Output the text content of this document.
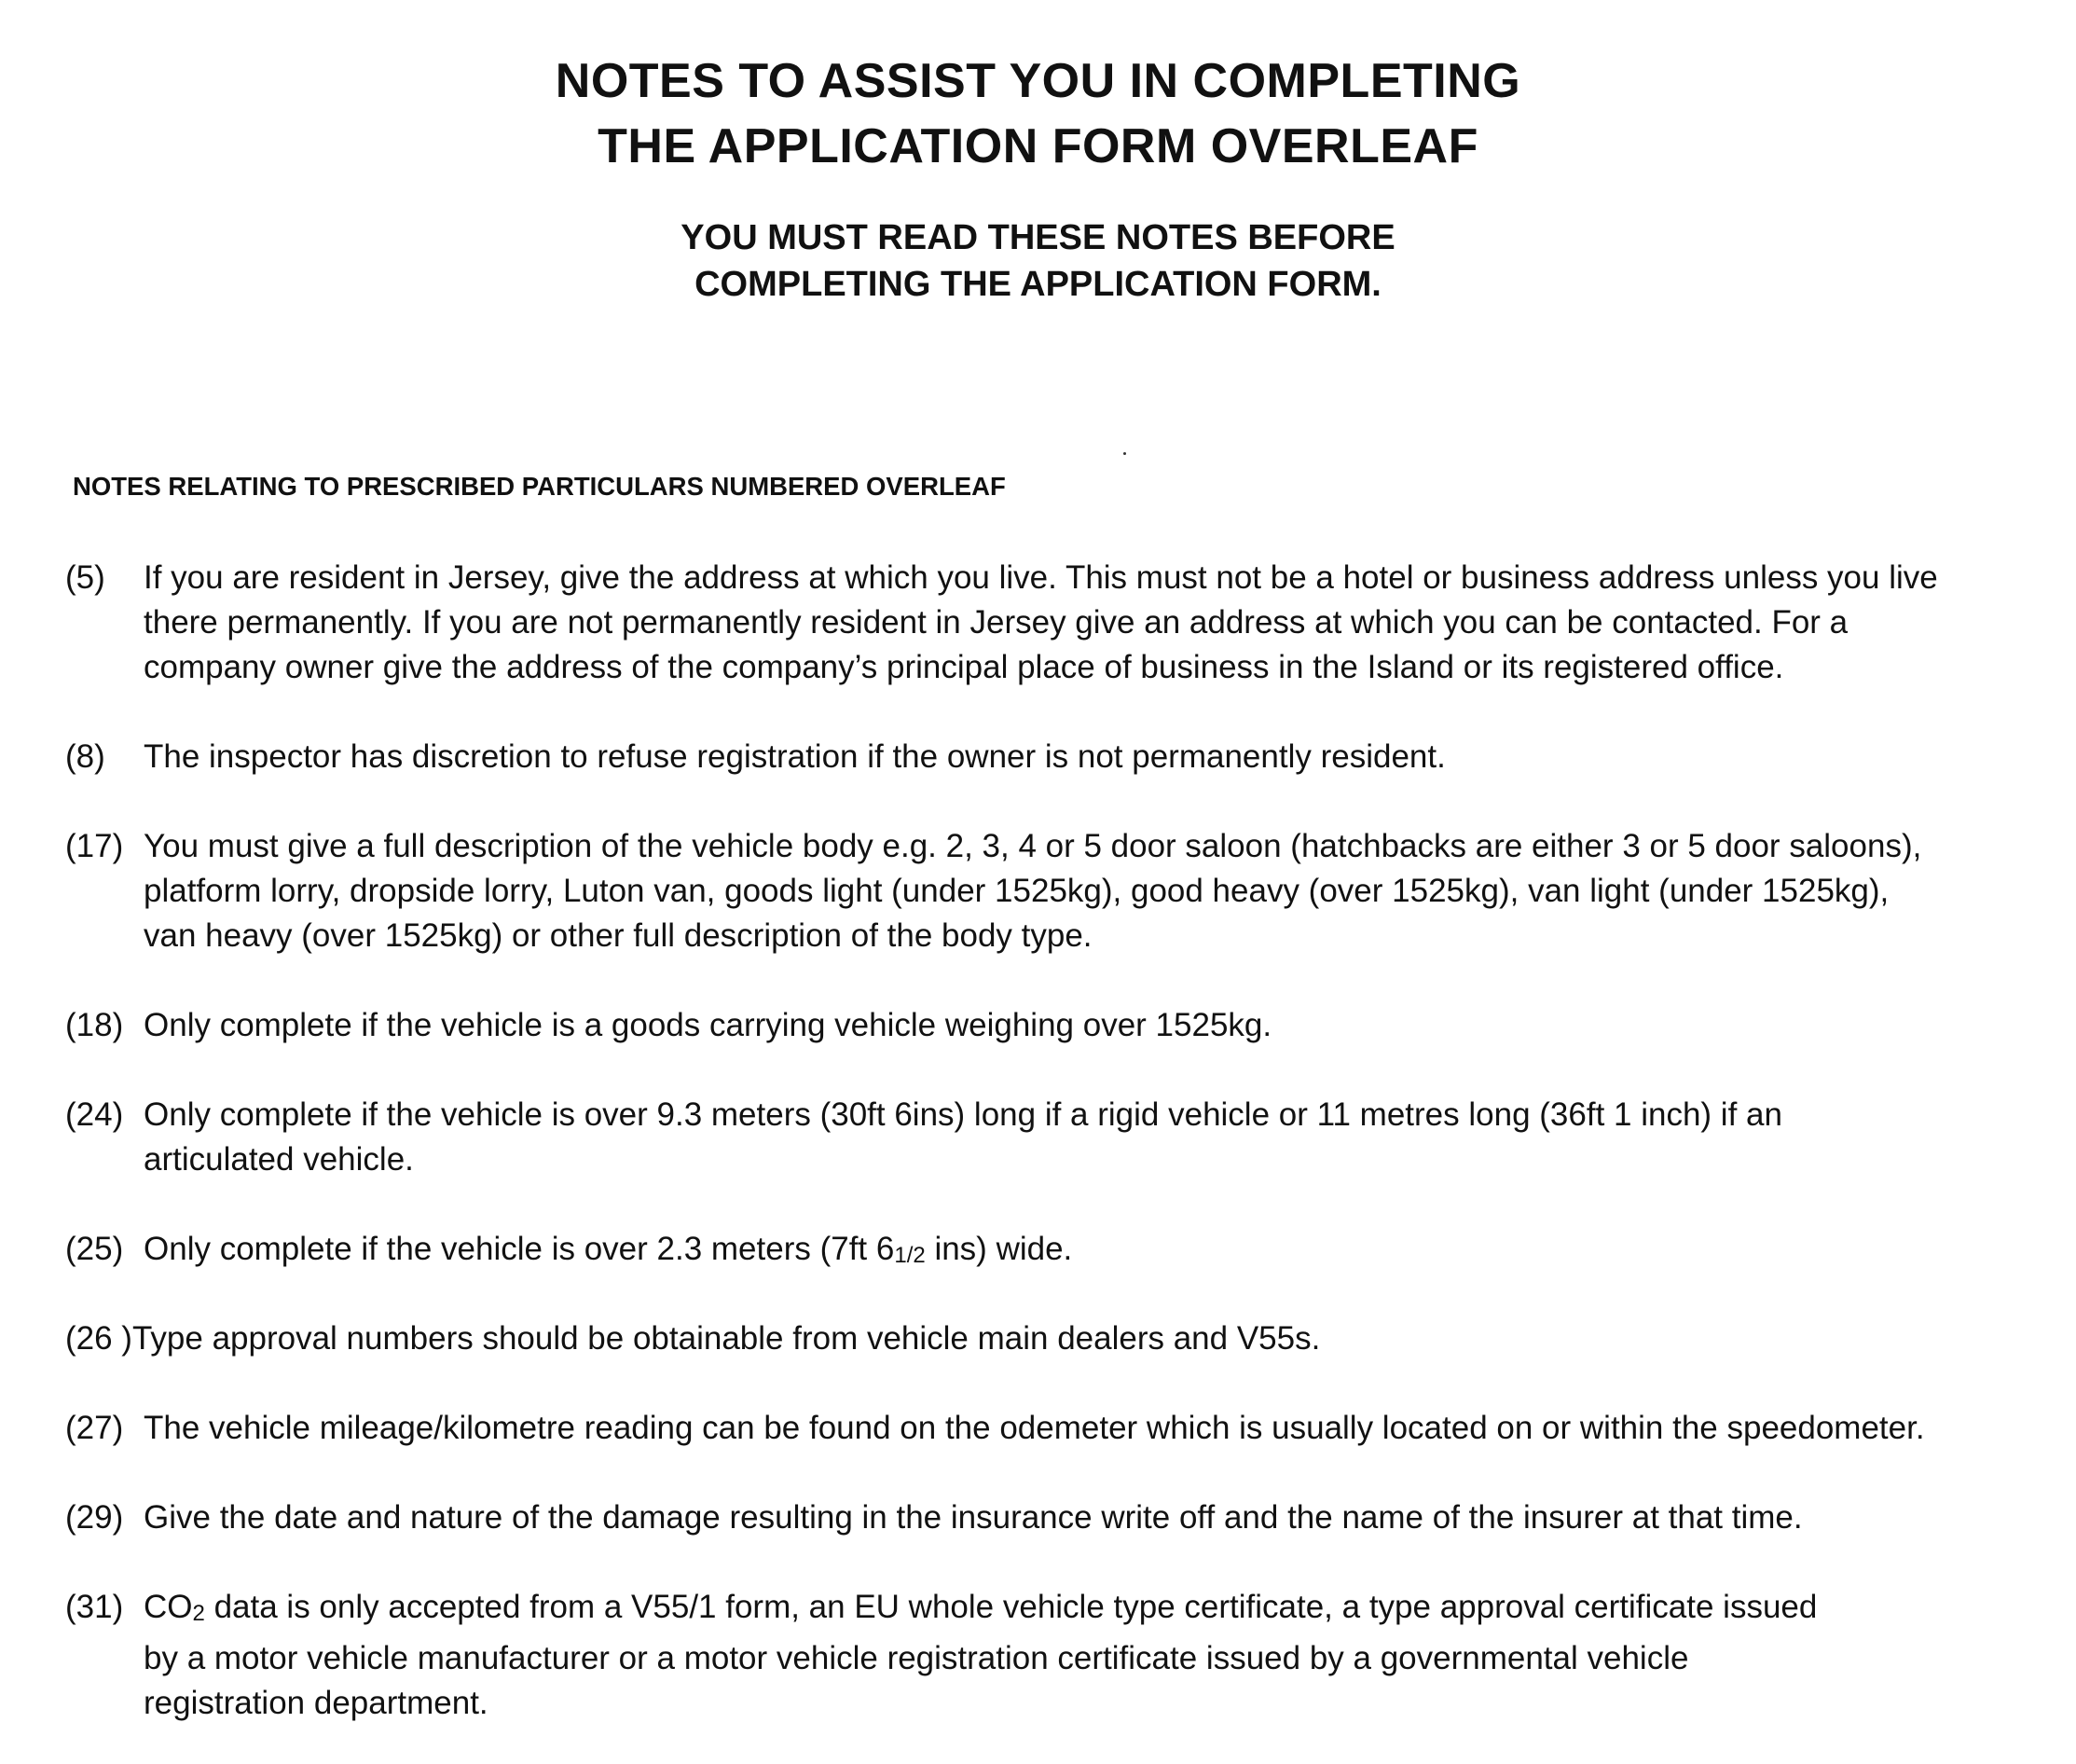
NOTES TO ASSIST YOU IN COMPLETING
THE APPLICATION FORM OVERLEAF
YOU MUST READ THESE NOTES BEFORE
COMPLETING THE APPLICATION FORM.
NOTES RELATING TO PRESCRIBED PARTICULARS NUMBERED OVERLEAF
(5) If you are resident in Jersey, give the address at which you live. This must not be a hotel or business address unless you live
there permanently. If you are not permanently resident in Jersey give an address at which you can be contacted. For a
company owner give the address of the company’s principal place of business in the Island or its registered office.
(8) The inspector has discretion to refuse registration if the owner is not permanently resident.
(17) You must give a full description of the vehicle body e.g. 2, 3, 4 or 5 door saloon (hatchbacks are either 3 or 5 door saloons),
platform lorry, dropside lorry, Luton van, goods light (under 1525kg), good heavy (over 1525kg), van light (under 1525kg),
van heavy (over 1525kg) or other full description of the body type.
(18) Only complete if the vehicle is a goods carrying vehicle weighing over 1525kg.
(24) Only complete if the vehicle is over 9.3 meters (30ft 6ins) long if a rigid vehicle or 11 metres long (36ft 1 inch) if an
articulated vehicle.
(25) Only complete if the vehicle is over 2.3 meters (7ft 61/2 ins) wide.
(26 )Type approval numbers should be obtainable from vehicle main dealers and V55s.
(27) The vehicle mileage/kilometre reading can be found on the odemeter which is usually located on or within the speedometer.
(29) Give the date and nature of the damage resulting in the insurance write off and the name of the insurer at that time.
(31) CO2 data is only accepted from a V55/1 form, an EU whole vehicle type certificate, a type approval certificate issued
by a motor vehicle manufacturer or a motor vehicle registration certificate issued by a governmental vehicle
registration department.
